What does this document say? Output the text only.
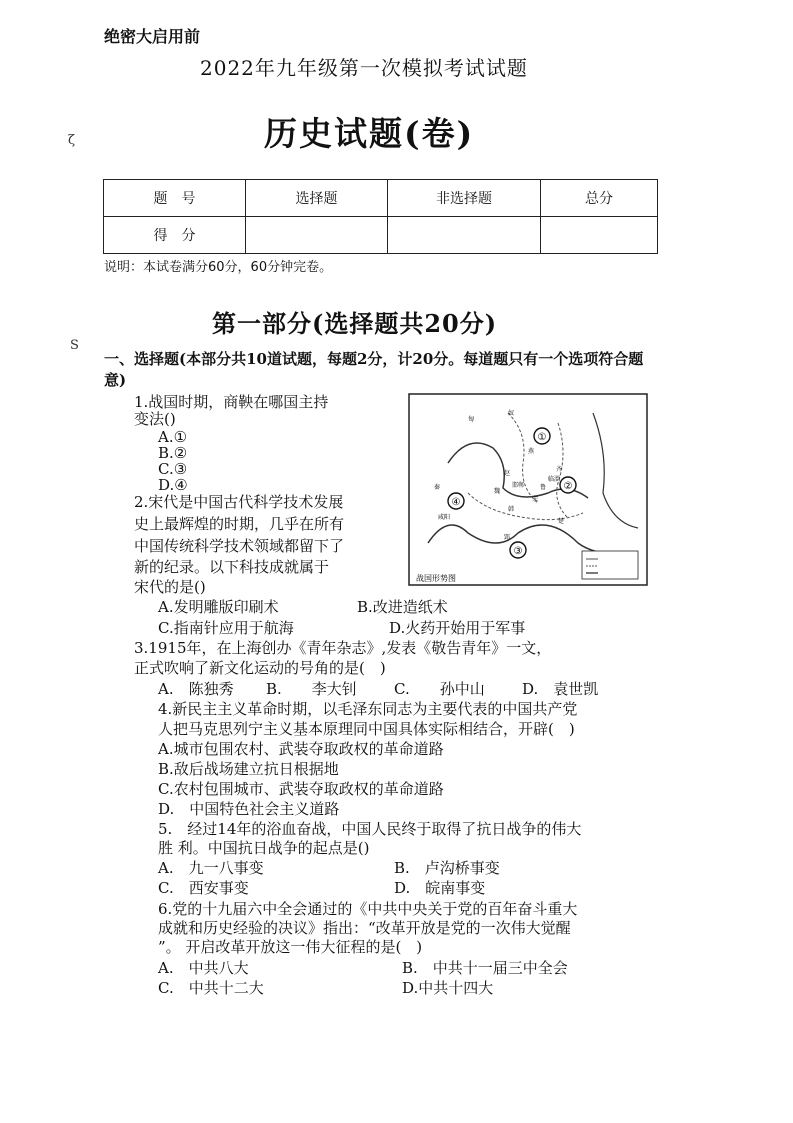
绝密大启用前
2022年九年级第一次模拟考试试题
历史试题(卷)
ζ
S
题　号	选择题	非选择题	总分
得　分			
说明：本试卷满分60分，60分钟完卷。
第一部分(选择题共20分)
一、选择题(本部分共10道试题，每题2分，计20分。每道题只有一个选项符合题意)
1.战国时期，商鞅在哪国主持
变法()
A.①
B.②
C.③
D.④
2.宋代是中国古代科学技术发展
史上最辉煌的时期，几乎在所有
中国传统科学技术领域都留下了
新的纪录。以下科技成就属于
宋代的是()
A.发明雕版印刷术	B.改进造纸术
C.指南针应用于航海	D.火药开始用于军事
3.1915年，在上海创办《青年杂志》,发表《敬告青年》一文，
正式吹响了新文化运动的号角的是(　)
A.　陈独秀 B.　　李大钊 C.　　孙中山 D.　袁世凯
4.新民主主义革命时期，以毛泽东同志为主要代表的中国共产党
人把马克思列宁主义基本原理同中国具体实际相结合，开辟(　)
A.城市包围农村、武装夺取政权的革命道路
B.敌后战场建立抗日根据地
C.农村包围城市、武装夺取政权的革命道路
D.　中国特色社会主义道路
5.　经过14年的浴血奋战，中国人民终于取得了抗日战争的伟大
胜 利。中国抗日战争的起点是()
A.　九一八事变	B.　卢沟桥事变
C.　西安事变	D.　皖南事变
6.党的十九届六中全会通过的《中共中央关于党的百年奋斗重大
成就和历史经验的决议》指出：“改革开放是党的一次伟大觉醒
”。 开启改革开放这一伟大征程的是(　)
A.　中共八大	B.　中共十一届三中全会
C.　中共十二大	D.中共十四大
①
②
③
④
匈
奴
燕
赵
魏
韩
齐
楚
秦	鲁
宋
咸阳
邯郸
临淄
郢
战国形势图
